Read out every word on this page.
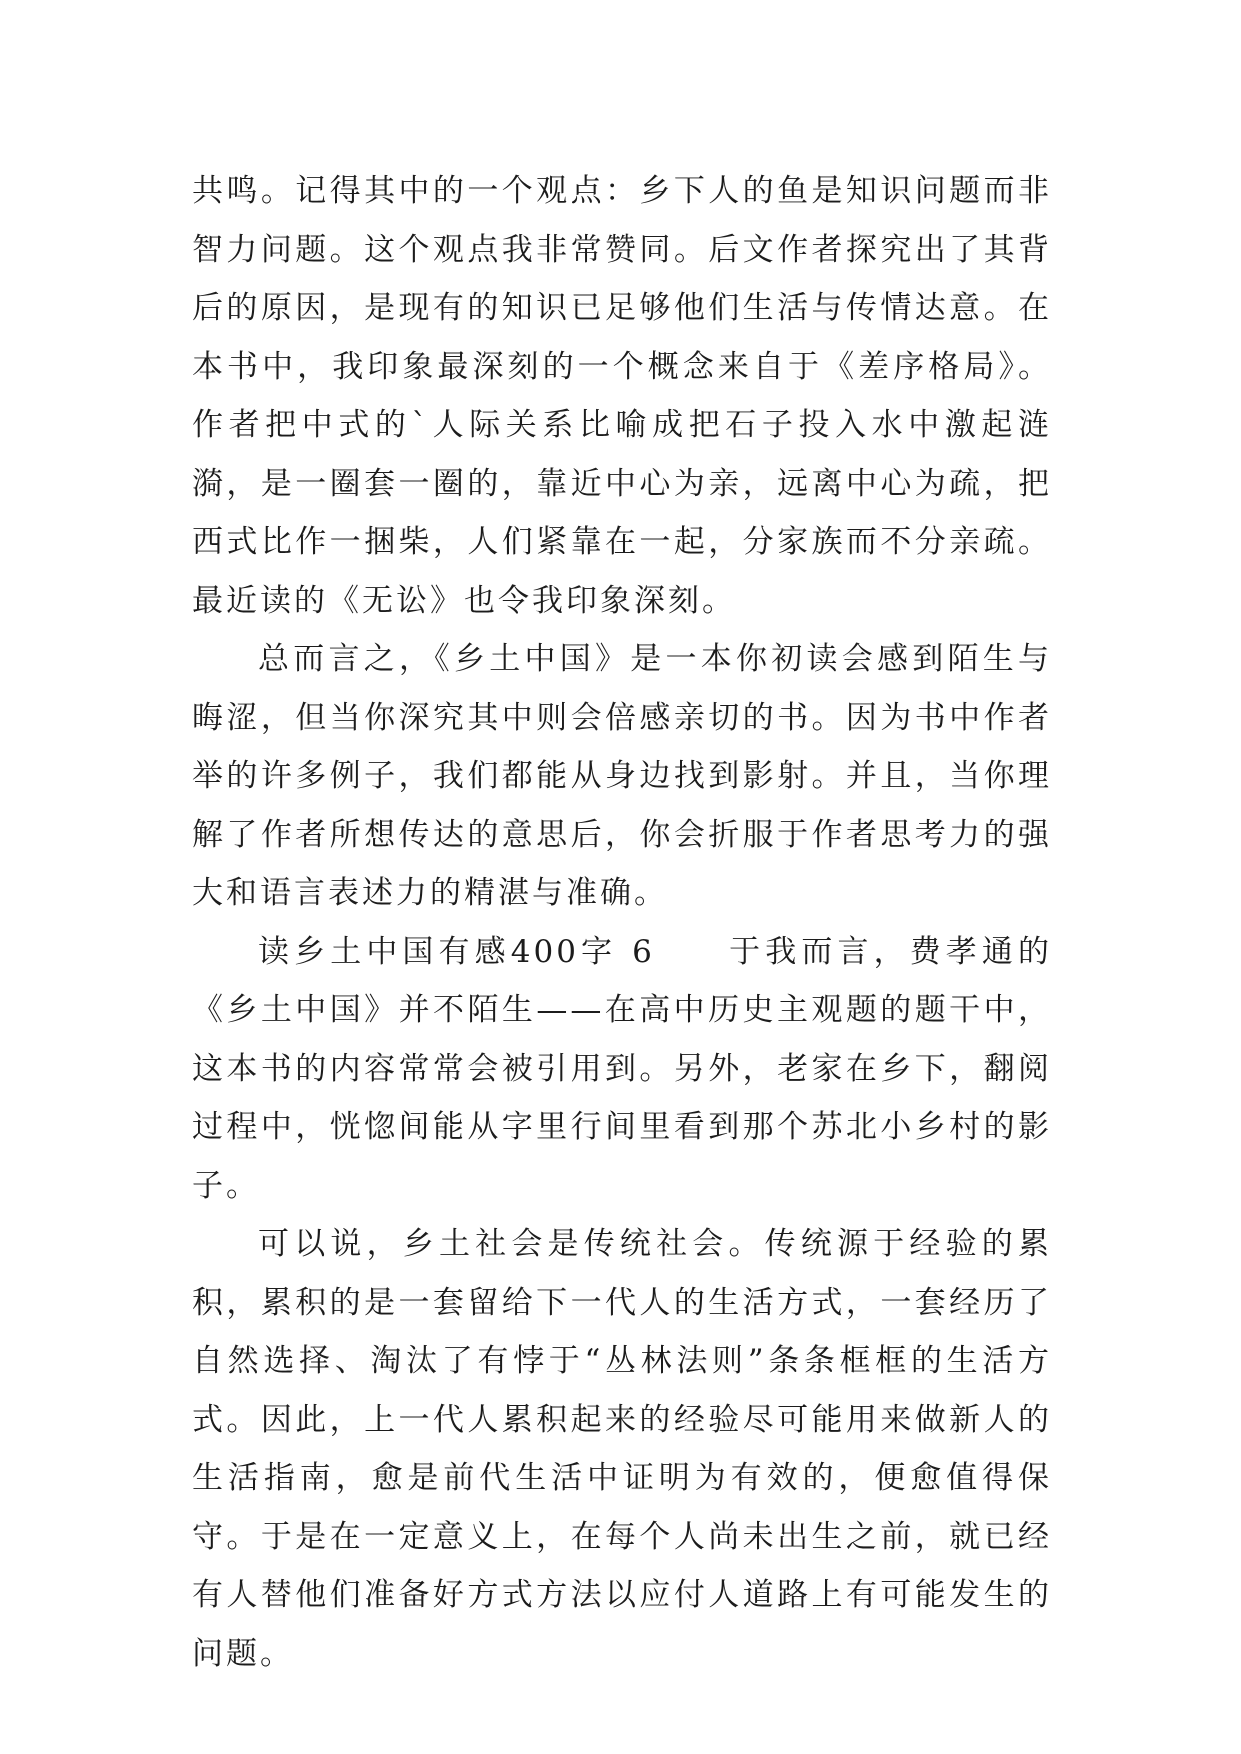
共鸣。记得其中的一个观点：乡下人的鱼是知识问题而非智力问题。这个观点我非常赞同。后文作者探究出了其背后的原因，是现有的知识已足够他们生活与传情达意。在本书中，我印象最深刻的一个概念来自于《差序格局》。作者把中式的`人际关系比喻成把石子投入水中激起涟漪，是一圈套一圈的，靠近中心为亲，远离中心为疏，把西式比作一捆柴，人们紧靠在一起，分家族而不分亲疏。最近读的《无讼》也令我印象深刻。

总而言之，《乡土中国》是一本你初读会感到陌生与晦涩，但当你深究其中则会倍感亲切的书。因为书中作者举的许多例子，我们都能从身边找到影射。并且，当你理解了作者所想传达的意思后，你会折服于作者思考力的强大和语言表述力的精湛与准确。

读乡土中国有感400字 6　　于我而言，费孝通的《乡土中国》并不陌生——在高中历史主观题的题干中，这本书的内容常常会被引用到。另外，老家在乡下，翻阅过程中，恍惚间能从字里行间里看到那个苏北小乡村的影子。

可以说，乡土社会是传统社会。传统源于经验的累积，累积的是一套留给下一代人的生活方式，一套经历了自然选择、淘汰了有悖于“丛林法则”条条框框的生活方式。因此，上一代人累积起来的经验尽可能用来做新人的生活指南，愈是前代生活中证明为有效的，便愈值得保守。于是在一定意义上，在每个人尚未出生之前，就已经有人替他们准备好方式方法以应付人道路上有可能发生的问题。
